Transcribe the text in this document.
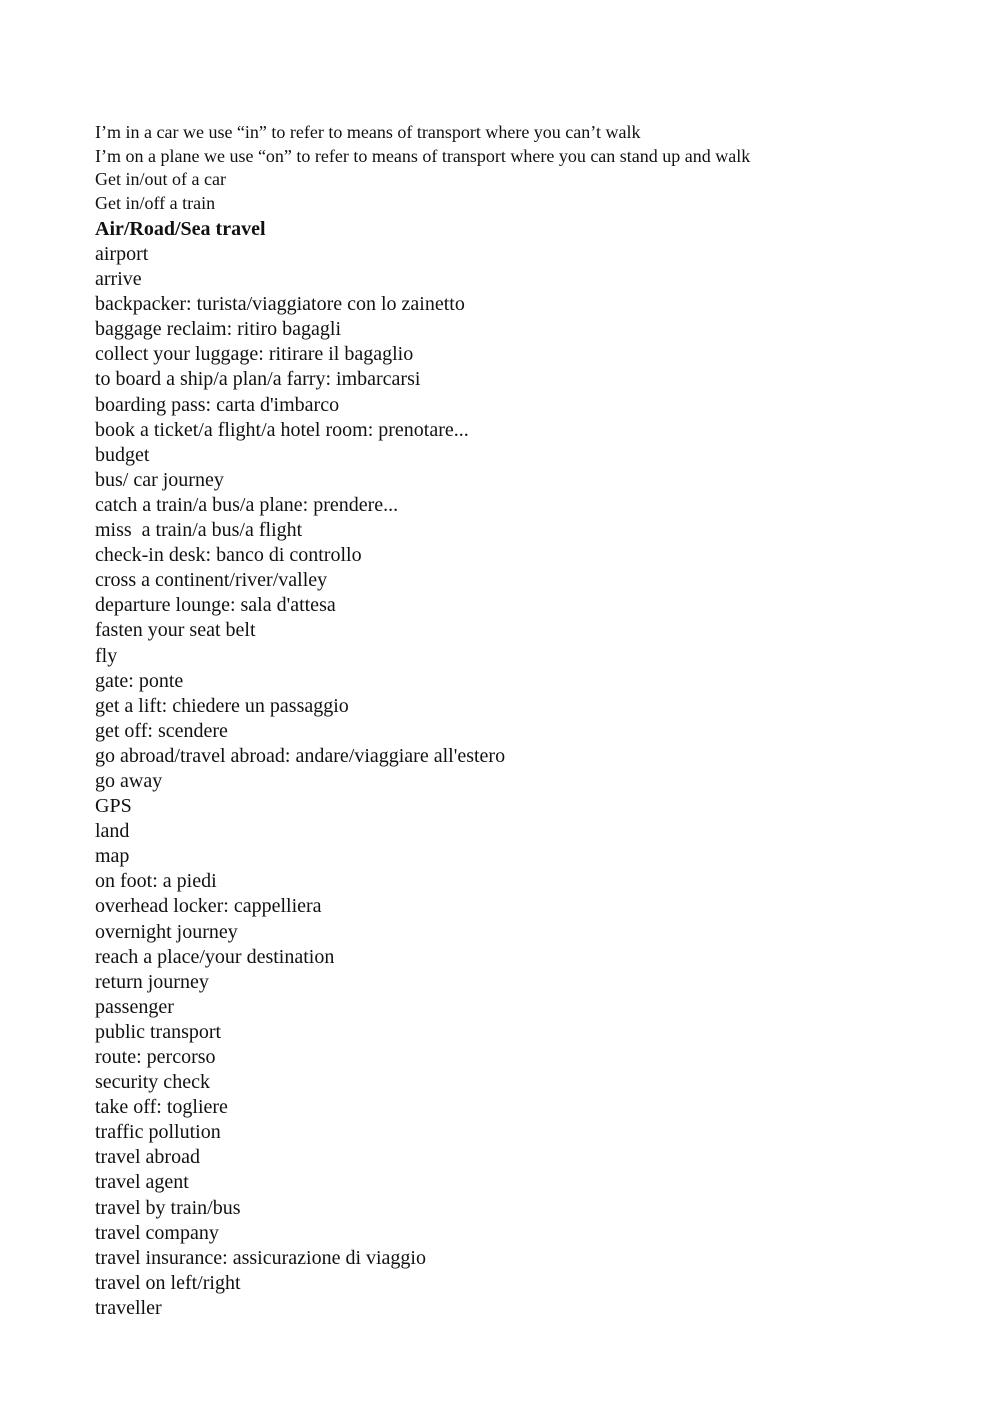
I’m in a car we use “in” to refer to means of transport where you can’t walk
I’m on a plane we use “on” to refer to means of transport where you can stand up and walk
Get in/out of a car
Get in/off a train
Air/Road/Sea travel
airport
arrive
backpacker: turista/viaggiatore con lo zainetto
baggage reclaim: ritiro bagagli
collect your luggage: ritirare il bagaglio
to board a ship/a plan/a farry: imbarcarsi
boarding pass: carta d'imbarco
book a ticket/a flight/a hotel room: prenotare...
budget
bus/ car journey
catch a train/a bus/a plane: prendere...
miss  a train/a bus/a flight
check-in desk: banco di controllo
cross a continent/river/valley
departure lounge: sala d'attesa
fasten your seat belt
fly
gate: ponte
get a lift: chiedere un passaggio
get off: scendere
go abroad/travel abroad: andare/viaggiare all'estero
go away
GPS
land
map
on foot: a piedi
overhead locker: cappelliera
overnight journey
reach a place/your destination
return journey
passenger
public transport
route: percorso
security check
take off: togliere
traffic pollution
travel abroad
travel agent
travel by train/bus
travel company
travel insurance: assicurazione di viaggio
travel on left/right
traveller
